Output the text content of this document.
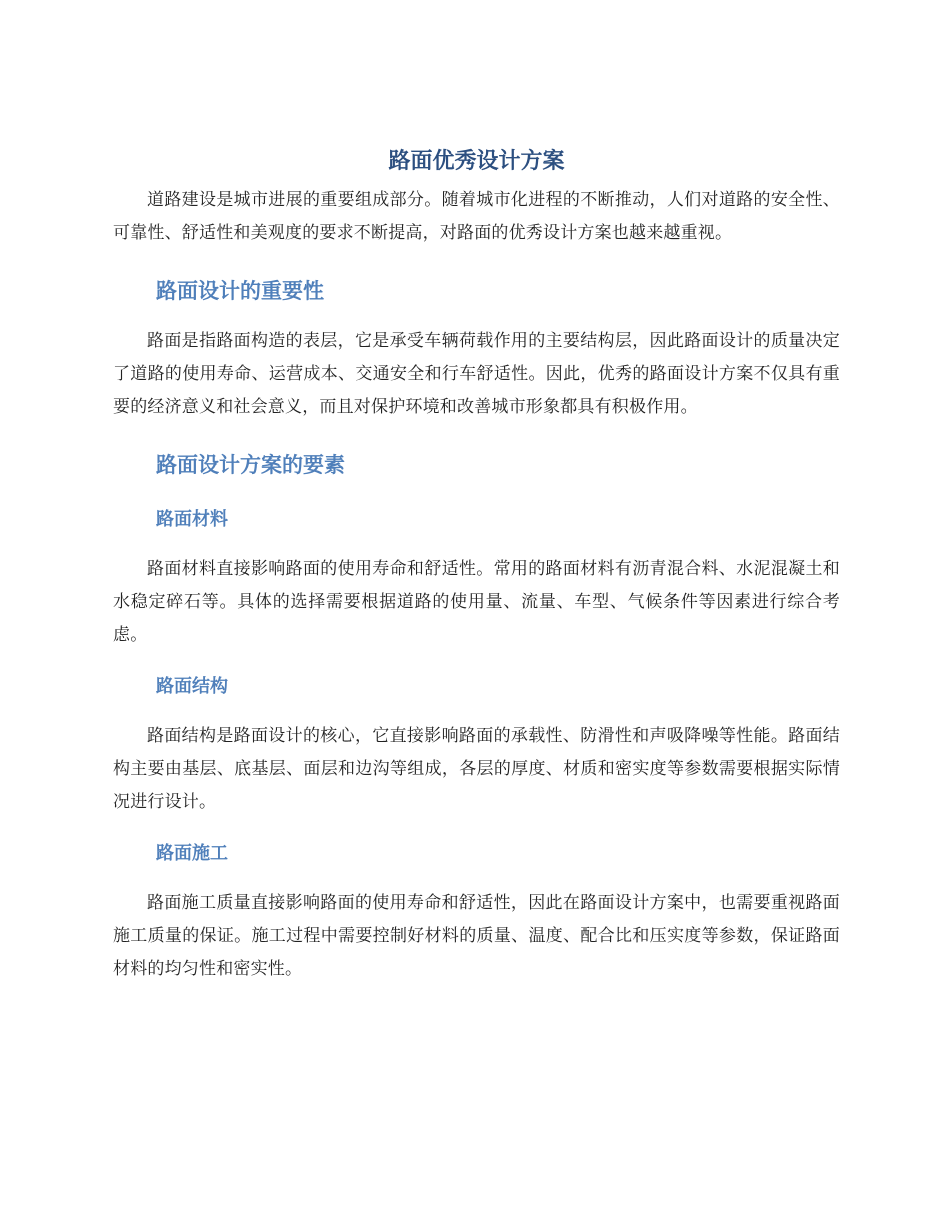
路面优秀设计方案

道路建设是城市进展的重要组成部分。随着城市化进程的不断推动，人们对道路的安全性、可靠性、舒适性和美观度的要求不断提高，对路面的优秀设计方案也越来越重视。

路面设计的重要性

路面是指路面构造的表层，它是承受车辆荷载作用的主要结构层，因此路面设计的质量决定了道路的使用寿命、运营成本、交通安全和行车舒适性。因此，优秀的路面设计方案不仅具有重要的经济意义和社会意义，而且对保护环境和改善城市形象都具有积极作用。

路面设计方案的要素
路面材料

路面材料直接影响路面的使用寿命和舒适性。常用的路面材料有沥青混合料、水泥混凝土和水稳定碎石等。具体的选择需要根据道路的使用量、流量、车型、气候条件等因素进行综合考虑。

路面结构

路面结构是路面设计的核心，它直接影响路面的承载性、防滑性和声吸降噪等性能。路面结构主要由基层、底基层、面层和边沟等组成，各层的厚度、材质和密实度等参数需要根据实际情况进行设计。

路面施工

路面施工质量直接影响路面的使用寿命和舒适性，因此在路面设计方案中，也需要重视路面施工质量的保证。施工过程中需要控制好材料的质量、温度、配合比和压实度等参数，保证路面材料的均匀性和密实性。
